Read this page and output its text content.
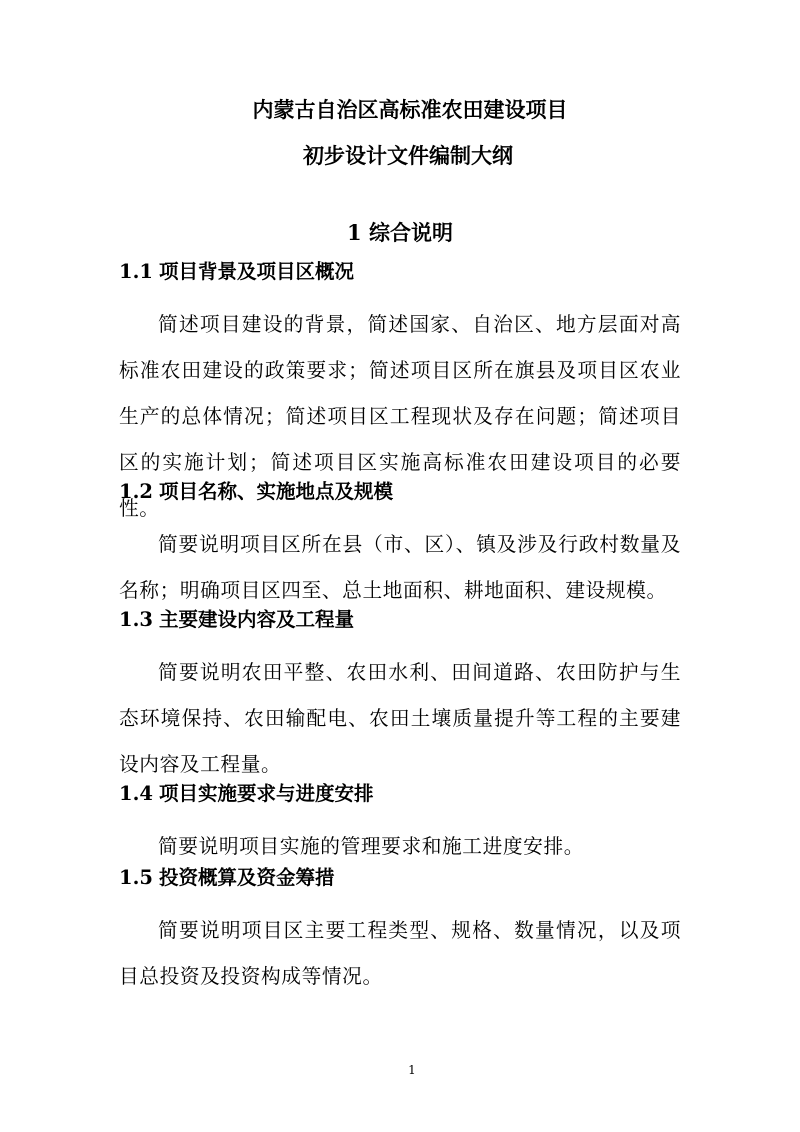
内蒙古自治区高标准农田建设项目
初步设计文件编制大纲
1 综合说明
1.1 项目背景及项目区概况

简述项目建设的背景，简述国家、自治区、地方层面对高标准农田建设的政策要求；简述项目区所在旗县及项目区农业生产的总体情况；简述项目区工程现状及存在问题；简述项目区的实施计划；简述项目区实施高标准农田建设项目的必要性。

1.2 项目名称、实施地点及规模

简要说明项目区所在县（市、区）、镇及涉及行政村数量及名称；明确项目区四至、总土地面积、耕地面积、建设规模。

1.3 主要建设内容及工程量

简要说明农田平整、农田水利、田间道路、农田防护与生态环境保持、农田输配电、农田土壤质量提升等工程的主要建设内容及工程量。

1.4 项目实施要求与进度安排

简要说明项目实施的管理要求和施工进度安排。

1.5 投资概算及资金筹措

简要说明项目区主要工程类型、规格、数量情况，以及项目总投资及投资构成等情况。

1
